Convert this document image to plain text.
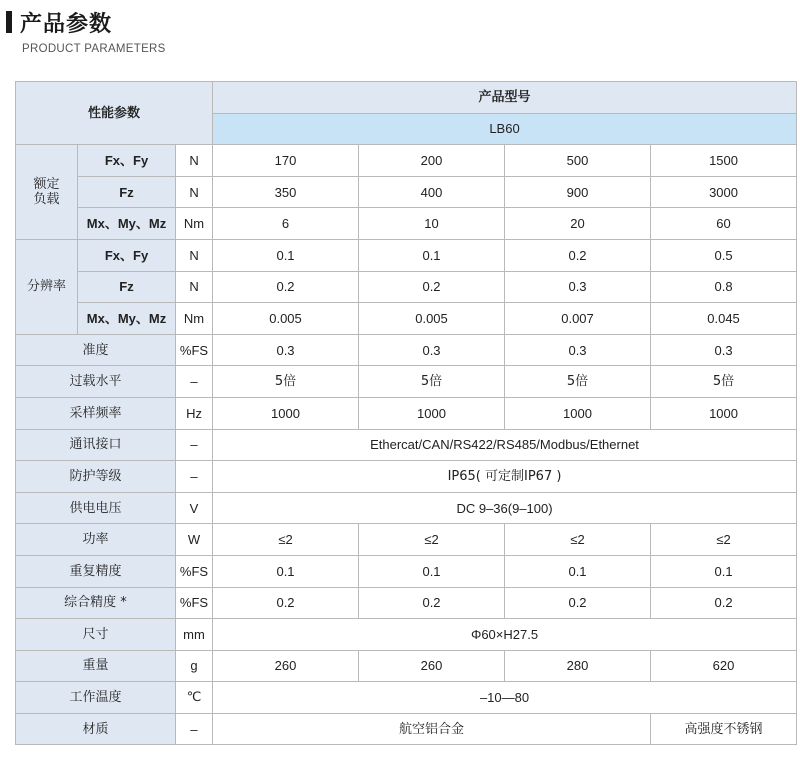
产品参数
PRODUCT PARAMETERS
性能参数			产品型号			
			LB60			
额定
负载	Fx、Fy	N	170	200	500	1500
	Fz	N	350	400	900	3000
	Mx、My、Mz	Nm	6	10	20	60
分辨率	Fx、Fy	N	0.1	0.1	0.2	0.5
	Fz	N	0.2	0.2	0.3	0.8
	Mx、My、Mz	Nm	0.005	0.005	0.007	0.045
准度		%FS	0.3	0.3	0.3	0.3
过载水平		–	5倍	5倍	5倍	5倍
采样频率		Hz	1000	1000	1000	1000
通讯接口		–	Ethercat/CAN/RS422/RS485/Modbus/Ethernet			
防护等级		–	IP65( 可定制IP67 )			
供电电压		V	DC 9–36(9–100)			
功率		W	≤2	≤2	≤2	≤2
重复精度		%FS	0.1	0.1	0.1	0.1
综合精度 *		%FS	0.2	0.2	0.2	0.2
尺寸		mm	Φ60×H27.5			
重量		g	260	260	280	620
工作温度		℃	–10—80			
材质		–	航空铝合金			高强度不锈钢
